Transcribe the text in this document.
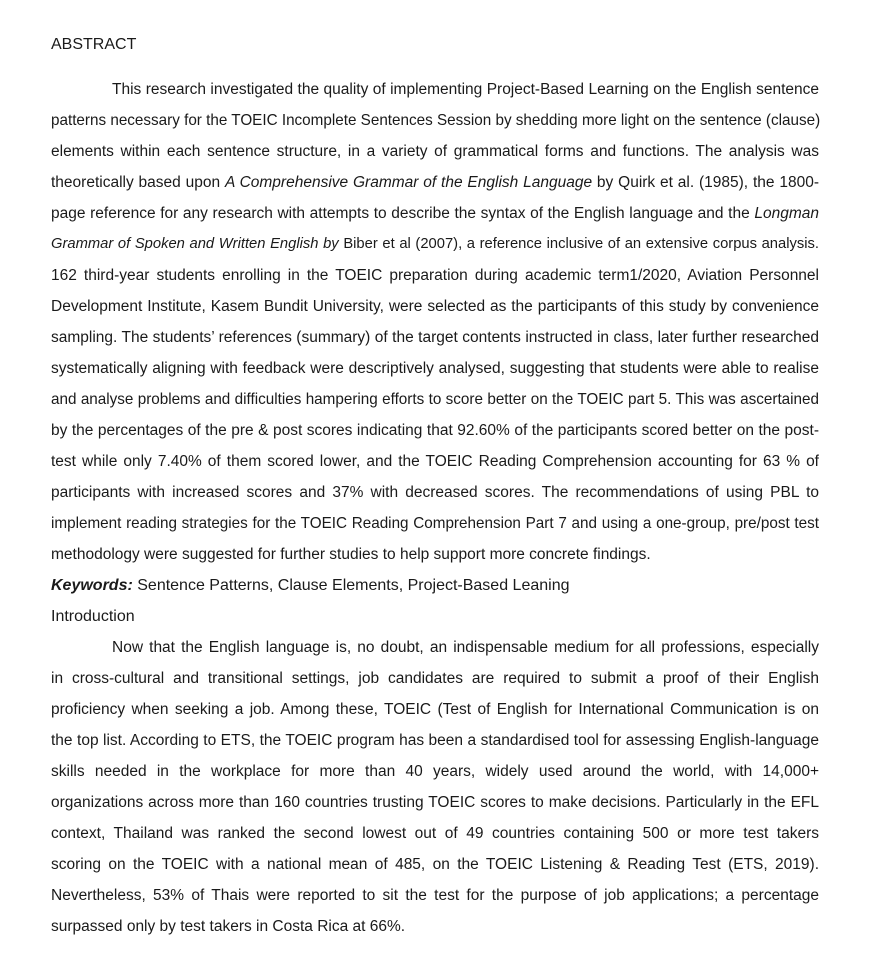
ABSTRACT
This research investigated the quality of implementing Project-Based Learning on the English sentence
patterns necessary for the TOEIC Incomplete Sentences Session by shedding more light on the sentence (clause)
elements within each sentence structure, in a variety of grammatical forms and functions. The analysis was
theoretically based upon A Comprehensive Grammar of the English Language by Quirk et al. (1985), the 1800-
page reference for any research with attempts to describe the syntax of the English language and the Longman
Grammar of Spoken and Written English by Biber et al (2007), a reference inclusive of an extensive corpus analysis.
162 third-year students enrolling in the TOEIC preparation during academic term1/2020, Aviation Personnel
Development Institute, Kasem Bundit University, were selected as the participants of this study by convenience
sampling. The students’ references (summary) of the target contents instructed in class, later further researched
systematically aligning with feedback were descriptively analysed, suggesting that students were able to realise
and analyse problems and difficulties hampering efforts to score better on the TOEIC part 5. This was ascertained
by the percentages of the pre & post scores indicating that 92.60% of the participants scored better on the post-
test while only 7.40% of them scored lower, and the TOEIC Reading Comprehension accounting for 63 % of
participants with increased scores and 37% with decreased scores. The recommendations of using PBL to
implement reading strategies for the TOEIC Reading Comprehension Part 7 and using a one-group, pre/post test
methodology were suggested for further studies to help support more concrete findings.
Keywords: Sentence Patterns, Clause Elements, Project-Based Leaning
Introduction
Now that the English language is, no doubt, an indispensable medium for all professions, especially
in cross-cultural and transitional settings, job candidates are required to submit a proof of their English
proficiency when seeking a job. Among these, TOEIC (Test of English for International Communication is on
the top list. According to ETS, the TOEIC program has been a standardised tool for assessing English-language
skills needed in the workplace for more than 40 years, widely used around the world, with 14,000+
organizations across more than 160 countries trusting TOEIC scores to make decisions. Particularly in the EFL
context, Thailand was ranked the second lowest out of 49 countries containing 500 or more test takers
scoring on the TOEIC with a national mean of 485, on the TOEIC Listening & Reading Test (ETS, 2019).
Nevertheless, 53% of Thais were reported to sit the test for the purpose of job applications; a percentage
surpassed only by test takers in Costa Rica at 66%.
